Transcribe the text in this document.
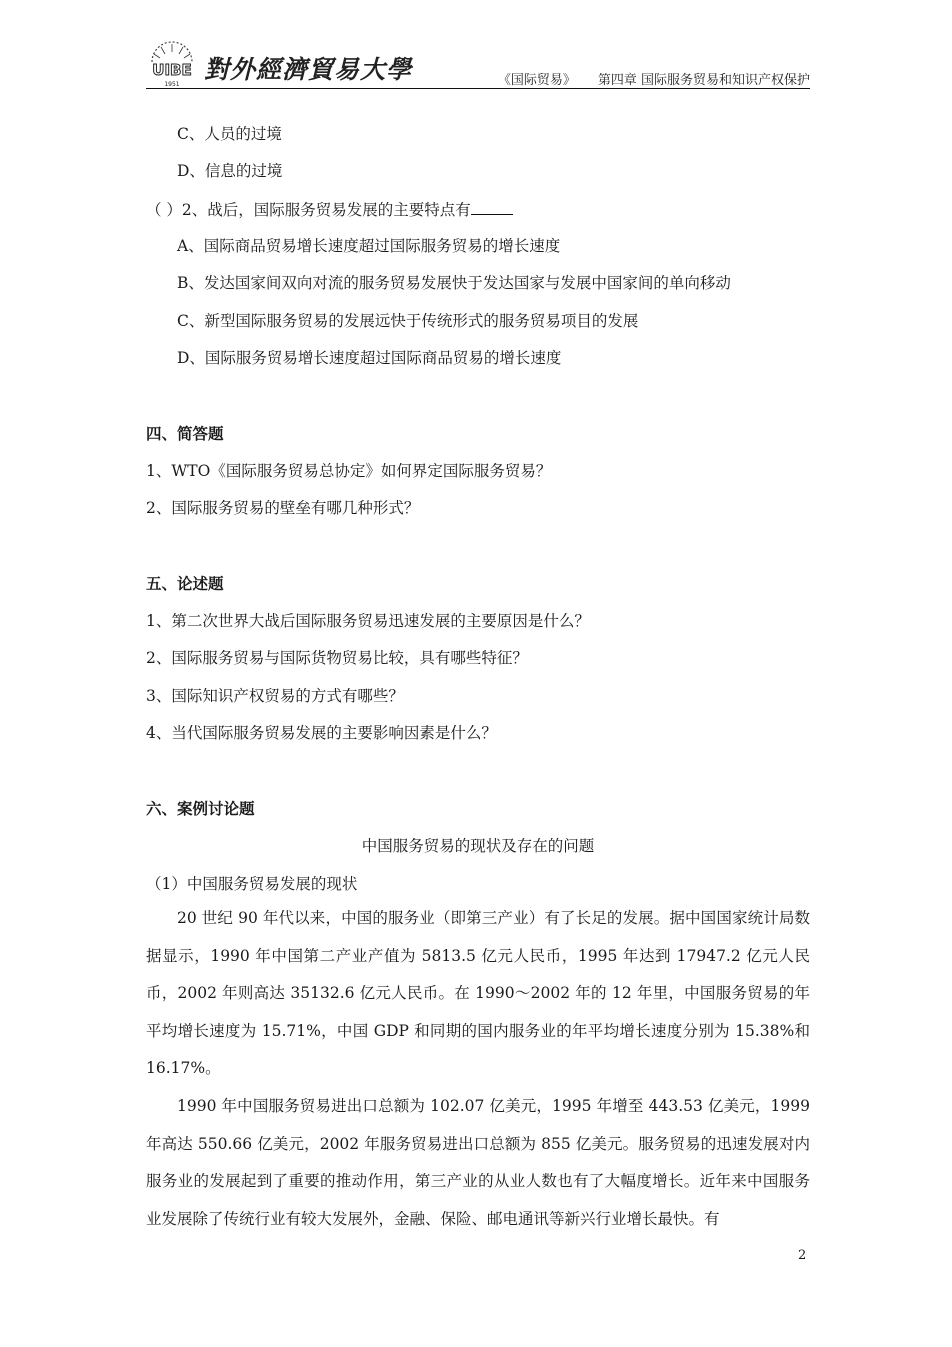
UIBE
1951
對外經濟貿易大學	《国际贸易》 第四章 国际服务贸易和知识产权保护
C、人员的过境
D、信息的过境
（ ）2、战后，国际服务贸易发展的主要特点有
A、国际商品贸易增长速度超过国际服务贸易的增长速度
B、发达国家间双向对流的服务贸易发展快于发达国家与发展中国家间的单向移动
C、新型国际服务贸易的发展远快于传统形式的服务贸易项目的发展
D、国际服务贸易增长速度超过国际商品贸易的增长速度
四、简答题
1、WTO《国际服务贸易总协定》如何界定国际服务贸易？
2、国际服务贸易的壁垒有哪几种形式？
五、论述题
1、第二次世界大战后国际服务贸易迅速发展的主要原因是什么？
2、国际服务贸易与国际货物贸易比较，具有哪些特征？
3、国际知识产权贸易的方式有哪些？
4、当代国际服务贸易发展的主要影响因素是什么？
六、案例讨论题
中国服务贸易的现状及存在的问题
（1）中国服务贸易发展的现状
20 世纪 90 年代以来，中国的服务业（即第三产业）有了长足的发展。据中国国家统计局数据显示，1990 年中国第二产业产值为 5813.5 亿元人民币，1995 年达到 17947.2 亿元人民币，2002 年则高达 35132.6 亿元人民币。在 1990～2002 年的 12 年里，中国服务贸易的年平均增长速度为 15.71%，中国 GDP 和同期的国内服务业的年平均增长速度分别为 15.38%和 16.17%。
1990 年中国服务贸易进出口总额为 102.07 亿美元，1995 年增至 443.53 亿美元，1999 年高达 550.66 亿美元，2002 年服务贸易进出口总额为 855 亿美元。服务贸易的迅速发展对内服务业的发展起到了重要的推动作用，第三产业的从业人数也有了大幅度增长。近年来中国服务业发展除了传统行业有较大发展外，金融、保险、邮电通讯等新兴行业增长最快。有
2
